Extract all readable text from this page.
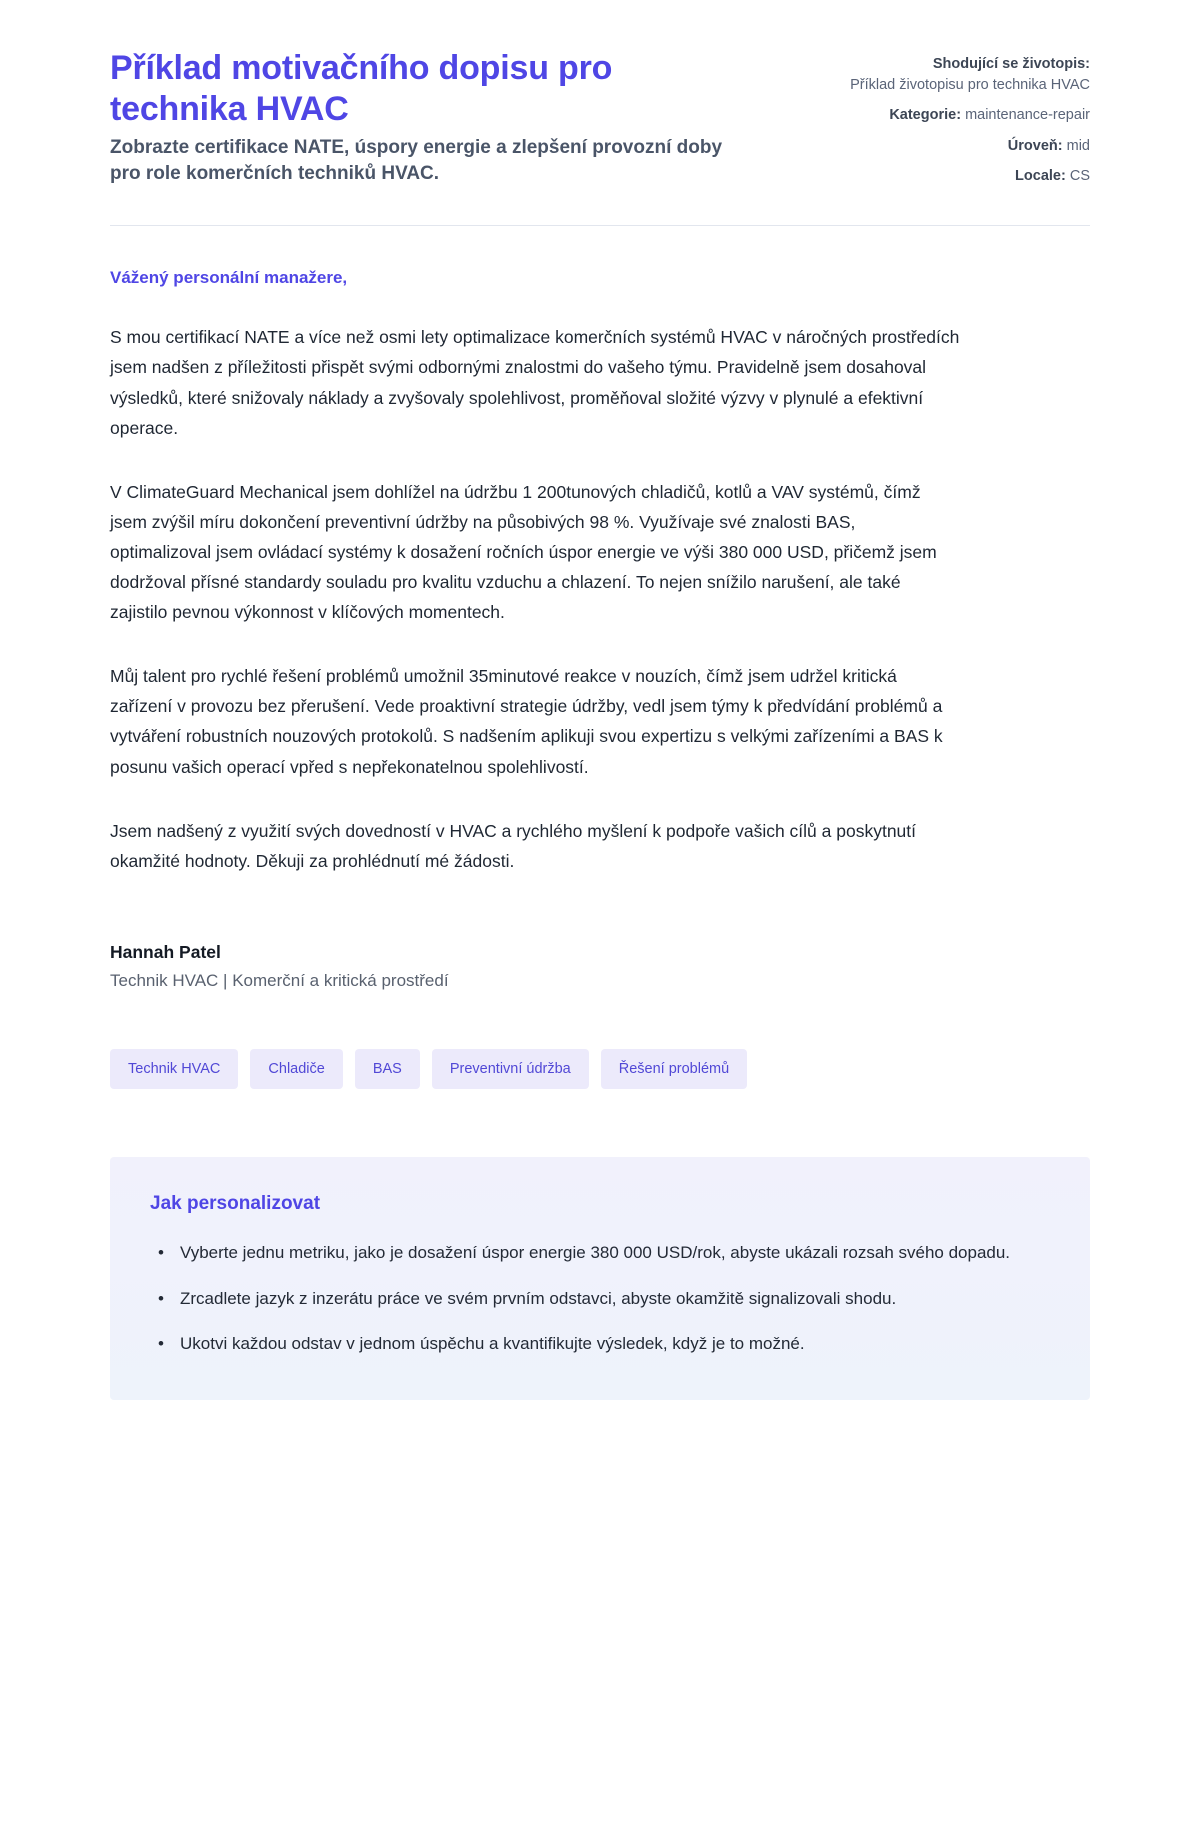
Příklad motivačního dopisu pro technika HVAC

Zobrazte certifikace NATE, úspory energie a zlepšení provozní doby pro role komerčních techniků HVAC.

Shodující se životopis:
Příklad životopisu pro technika HVAC
Kategorie: maintenance-repair
Úroveň: mid
Locale: CS

Vážený personální manažere,

S mou certifikací NATE a více než osmi lety optimalizace komerčních systémů HVAC v náročných prostředích jsem nadšen z příležitosti přispět svými odbornými znalostmi do vašeho týmu. Pravidelně jsem dosahoval výsledků, které snižovaly náklady a zvyšovaly spolehlivost, proměňoval složité výzvy v plynulé a efektivní operace.

V ClimateGuard Mechanical jsem dohlížel na údržbu 1 200tunových chladičů, kotlů a VAV systémů, čímž jsem zvýšil míru dokončení preventivní údržby na působivých 98 %. Využívaje své znalosti BAS, optimalizoval jsem ovládací systémy k dosažení ročních úspor energie ve výši 380 000 USD, přičemž jsem dodržoval přísné standardy souladu pro kvalitu vzduchu a chlazení. To nejen snížilo narušení, ale také zajistilo pevnou výkonnost v klíčových momentech.

Můj talent pro rychlé řešení problémů umožnil 35minutové reakce v nouzích, čímž jsem udržel kritická zařízení v provozu bez přerušení. Vede proaktivní strategie údržby, vedl jsem týmy k předvídání problémů a vytváření robustních nouzových protokolů. S nadšením aplikuji svou expertizu s velkými zařízeními a BAS k posunu vašich operací vpřed s nepřekonatelnou spolehlivostí.

Jsem nadšený z využití svých dovedností v HVAC a rychlého myšlení k podpoře vašich cílů a poskytnutí okamžité hodnoty. Děkuji za prohlédnutí mé žádosti.

Hannah Patel

Technik HVAC | Komerční a kritická prostředí

Technik HVAC	Chladiče	BAS	Preventivní údržba	Řešení problémů
Jak personalizovat
• Vyberte jednu metriku, jako je dosažení úspor energie 380 000 USD/rok, abyste ukázali rozsah svého dopadu.
• Zrcadlete jazyk z inzerátu práce ve svém prvním odstavci, abyste okamžitě signalizovali shodu.
• Ukotvi každou odstav v jednom úspěchu a kvantifikujte výsledek, když je to možné.
